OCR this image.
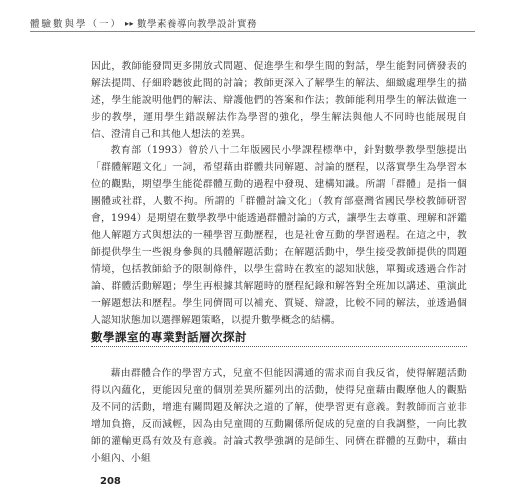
體驗數與學（一） ▸▸ 數學素養導向教學設計實務
因此，教師能發問更多開放式問題、促進學生和學生間的對話，學生能對同儕發表的解法提問、仔細聆聽彼此間的討論；教師更深入了解學生的解法、細緻處理學生的描述，學生能說明他們的解法、辯護他們的答案和作法；教師能利用學生的解法做進一步的教學，運用學生錯誤解法作為學習的強化，學生解法與他人不同時也能展現自信、澄清自己和其他人想法的差異。
教育部（1993）曾於八十二年版國民小學課程標準中，針對數學教學型態提出「群體解題文化」一詞，希望藉由群體共同解題、討論的歷程，以落實學生為學習本位的觀點，期望學生能從群體互動的過程中發現、建構知識。所謂「群體」是指一個團體或社群，人數不拘。所謂的「群體討論文化」（教育部臺灣省國民學校教師研習會，1994）是期望在數學教學中能透過群體討論的方式，讓學生去尊重、理解和評鑑他人解題方式與想法的一種學習互動歷程，也是社會互動的學習過程。在這之中，教師提供學生一些親身參與的具體解題活動；在解題活動中，學生接受教師提供的問題情境，包括教師給予的限制條件，以學生當時在教室的認知狀態，單獨或透過合作討論、群體活動解題；學生再根據其解題時的歷程紀錄和解答對全班加以講述、重演此一解題想法和歷程。學生同儕間可以補充、質疑、辯證，比較不同的解法，並透過個人認知狀態加以選擇解題策略，以提升數學概念的結構。
數學課室的專業對話層次探討
藉由群體合作的學習方式，兒童不但能因溝通的需求而自我反省，使得解題活動得以內蘊化，更能因兒童的個別差異所羅列出的活動，使得兒童藉由觀摩他人的觀點及不同的活動，增進有關問題及解決之道的了解，使學習更有意義。對教師而言並非增加負擔，反而減輕，因為由兒童間的互動關係所促成的兒童的自我調整，一向比教師的灌輸更爲有效及有意義。討論式教學強調的是師生、同儕在群體的互動中，藉由小組內、小組
208
